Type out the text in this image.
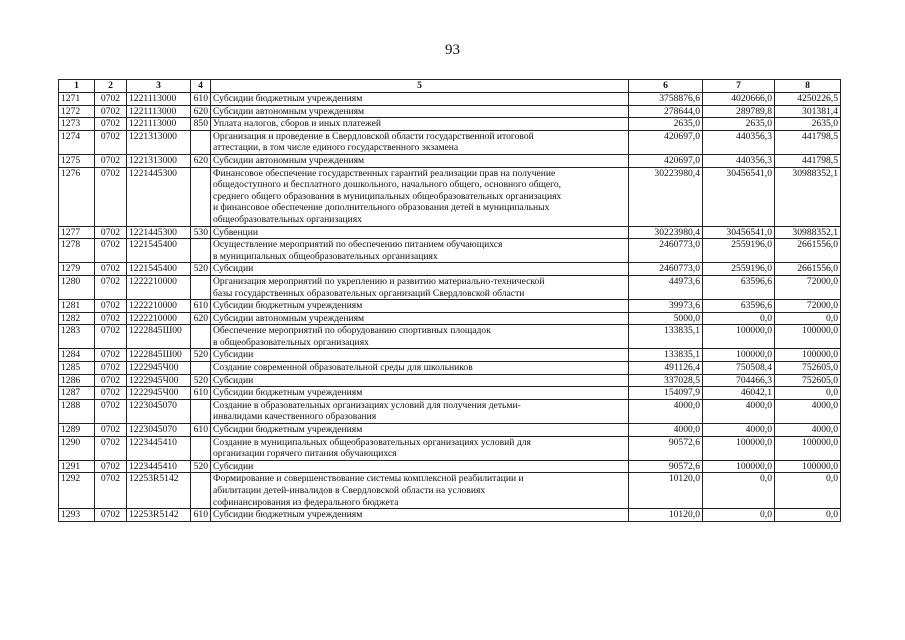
93
1	2	3	4	5	6	7	8
1271	0702	1221113000	610	Субсидии бюджетным учреждениям	3758876,6	4020666,0	4250226,5
1272	0702	1221113000	620	Субсидии автономным учреждениям	278644,0	289789,8	301381,4
1273	0702	1221113000	850	Уплата налогов, сборов и иных платежей	2635,0	2635,0	2635,0
1274	0702	1221313000		Организация и проведение в Свердловской области государственной итоговой
аттестации, в том числе единого государственного экзамена	420697,0	440356,3	441798,5
1275	0702	1221313000	620	Субсидии автономным учреждениям	420697,0	440356,3	441798,5
1276	0702	1221445300		Финансовое обеспечение государственных гарантий реализации прав на получение
общедоступного и бесплатного дошкольного, начального общего, основного общего,
среднего общего образования в муниципальных общеобразовательных организациях
и финансовое обеспечение дополнительного образования детей в муниципальных
общеобразовательных организациях	30223980,4	30456541,0	30988352,1
1277	0702	1221445300	530	Субвенции	30223980,4	30456541,0	30988352,1
1278	0702	1221545400		Осуществление мероприятий по обеспечению питанием обучающихся
в муниципальных общеобразовательных организациях	2460773,0	2559196,0	2661556,0
1279	0702	1221545400	520	Субсидии	2460773,0	2559196,0	2661556,0
1280	0702	1222210000		Организация мероприятий по укреплению и развитию материально-технической
базы государственных образовательных организаций Свердловской области	44973,6	63596,6	72000,0
1281	0702	1222210000	610	Субсидии бюджетным учреждениям	39973,6	63596,6	72000,0
1282	0702	1222210000	620	Субсидии автономным учреждениям	5000,0	0,0	0,0
1283	0702	1222845Ш00		Обеспечение мероприятий по оборудованию спортивных площадок
в общеобразовательных организациях	133835,1	100000,0	100000,0
1284	0702	1222845Ш00	520	Субсидии	133835,1	100000,0	100000,0
1285	0702	1222945Ч00		Создание современной образовательной среды для школьников	491126,4	750508,4	752605,0
1286	0702	1222945Ч00	520	Субсидии	337028,5	704466,3	752605,0
1287	0702	1222945Ч00	610	Субсидии бюджетным учреждениям	154097,9	46042,1	0,0
1288	0702	1223045070		Создание в образовательных организациях условий для получения детьми-
инвалидами качественного образования	4000,0	4000,0	4000,0
1289	0702	1223045070	610	Субсидии бюджетным учреждениям	4000,0	4000,0	4000,0
1290	0702	1223445410		Создание в муниципальных общеобразовательных организациях условий для
организации горячего питания обучающихся	90572,6	100000,0	100000,0
1291	0702	1223445410	520	Субсидии	90572,6	100000,0	100000,0
1292	0702	12253R5142		Формирование и совершенствование системы комплексной реабилитации и
абилитации детей-инвалидов в Свердловской области на условиях
софинансирования из федерального бюджета	10120,0	0,0	0,0
1293	0702	12253R5142	610	Субсидии бюджетным учреждениям	10120,0	0,0	0,0
